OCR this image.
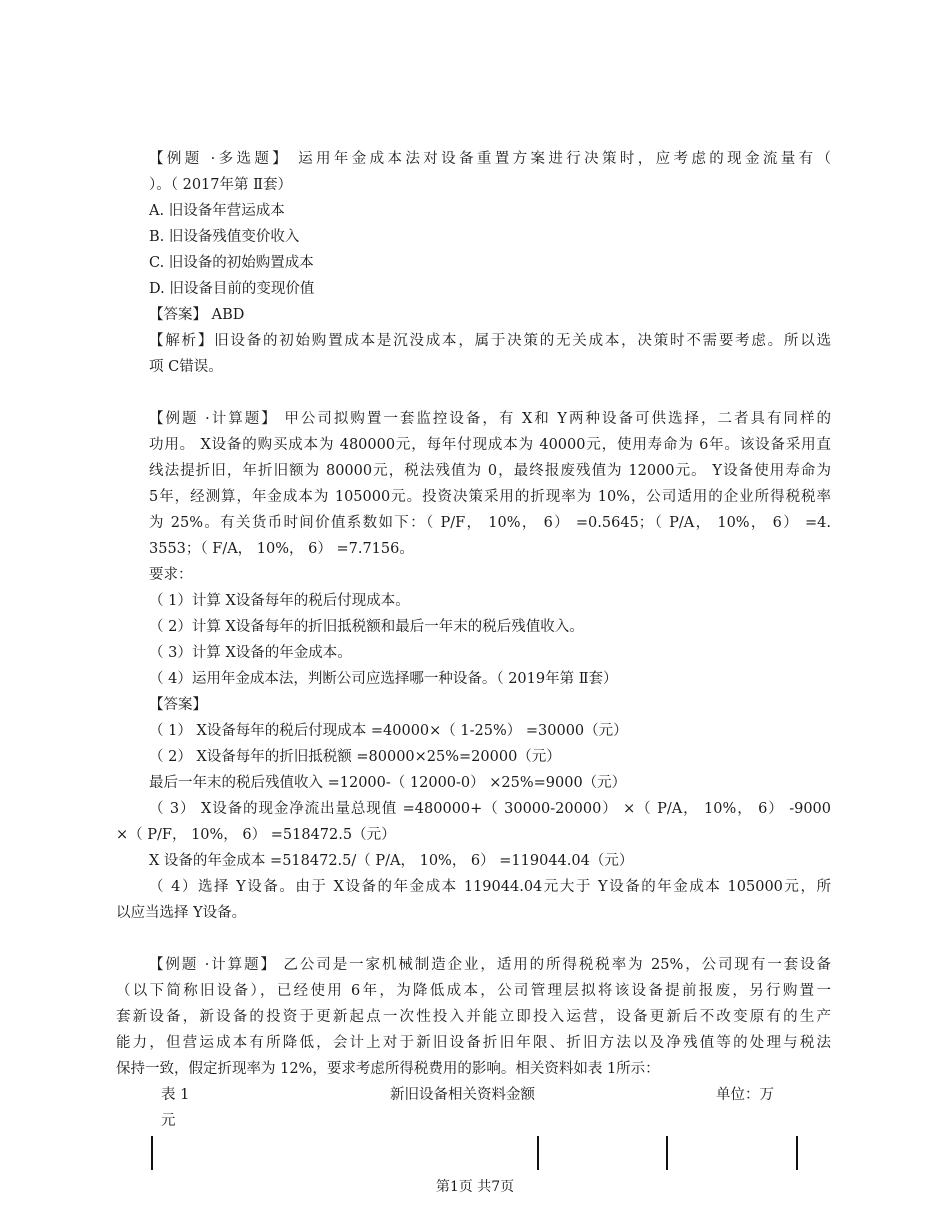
【例题 ·多选题】 运用年金成本法对设备重置方案进行决策时，应考虑的现金流量有（
）。（ 2017年第 Ⅱ套）
A. 旧设备年营运成本
B. 旧设备残值变价收入
C. 旧设备的初始购置成本
D. 旧设备目前的变现价值
【答案】 ABD
【解析】旧设备的初始购置成本是沉没成本，属于决策的无关成本，决策时不需要考虑。所以选
项 C错误。
【例题 ·计算题】 甲公司拟购置一套监控设备，有 X和 Y两种设备可供选择，二者具有同样的
功用。 X设备的购买成本为 480000元，每年付现成本为 40000元，使用寿命为 6年。该设备采用直
线法提折旧，年折旧额为 80000元，税法残值为 0，最终报废残值为 12000元。 Y设备使用寿命为
5年，经测算，年金成本为 105000元。投资决策采用的折现率为 10%，公司适用的企业所得税税率
为 25%。有关货币时间价值系数如下：（ P/F， 10%， 6） =0.5645；（ P/A， 10%， 6） =4.
3553；（ F/A， 10%， 6） =7.7156。
要求：
（ 1）计算 X设备每年的税后付现成本。
（ 2）计算 X设备每年的折旧抵税额和最后一年末的税后残值收入。
（ 3）计算 X设备的年金成本。
（ 4）运用年金成本法，判断公司应选择哪一种设备。（ 2019年第 Ⅱ套）
【答案】
（ 1） X设备每年的税后付现成本 =40000×（ 1-25%） =30000（元）
（ 2） X设备每年的折旧抵税额 =80000×25%=20000（元）
最后一年末的税后残值收入 =12000-（ 12000-0） ×25%=9000（元）
（ 3） X设备的现金净流出量总现值 =480000+（ 30000-20000） ×（ P/A， 10%， 6） -9000
×（ P/F， 10%， 6） =518472.5（元）
X 设备的年金成本 =518472.5/（ P/A， 10%， 6） =119044.04（元）
（ 4）选择 Y设备。由于 X设备的年金成本 119044.04元大于 Y设备的年金成本 105000元，所
以应当选择 Y设备。
【例题 ·计算题】 乙公司是一家机械制造企业，适用的所得税税率为 25%，公司现有一套设备
（以下简称旧设备），已经使用 6年，为降低成本，公司管理层拟将该设备提前报废，另行购置一
套新设备，新设备的投资于更新起点一次性投入并能立即投入运营，设备更新后不改变原有的生产
能力，但营运成本有所降低，会计上对于新旧设备折旧年限、折旧方法以及净残值等的处理与税法
保持一致，假定折现率为 12%，要求考虑所得税费用的影响。相关资料如表 1所示：
表 1	新旧设备相关资料金额	单位：万
元
第1页 共7页
